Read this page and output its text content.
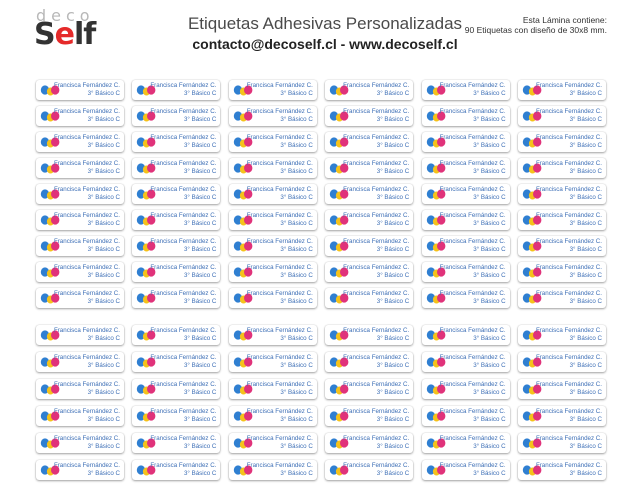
deco
Self	Etiquetas Adhesivas Personalizadas
contacto@decoself.cl - www.decoself.cl
Esta Lámina contiene:
90 Etiquetas con diseño de 30x8 mm.
Francisca Fernández C.
3° Básico C
Francisca Fernández C.
3° Básico C
Francisca Fernández C.
3° Básico C
Francisca Fernández C.
3° Básico C
Francisca Fernández C.
3° Básico C
Francisca Fernández C.
3° Básico C
Francisca Fernández C.
3° Básico C
Francisca Fernández C.
3° Básico C
Francisca Fernández C.
3° Básico C
Francisca Fernández C.
3° Básico C
Francisca Fernández C.
3° Básico C
Francisca Fernández C.
3° Básico C
Francisca Fernández C.
3° Básico C
Francisca Fernández C.
3° Básico C
Francisca Fernández C.
3° Básico C
Francisca Fernández C.
3° Básico C
Francisca Fernández C.
3° Básico C
Francisca Fernández C.
3° Básico C
Francisca Fernández C.
3° Básico C
Francisca Fernández C.
3° Básico C
Francisca Fernández C.
3° Básico C
Francisca Fernández C.
3° Básico C
Francisca Fernández C.
3° Básico C
Francisca Fernández C.
3° Básico C
Francisca Fernández C.
3° Básico C
Francisca Fernández C.
3° Básico C
Francisca Fernández C.
3° Básico C
Francisca Fernández C.
3° Básico C
Francisca Fernández C.
3° Básico C
Francisca Fernández C.
3° Básico C
Francisca Fernández C.
3° Básico C
Francisca Fernández C.
3° Básico C
Francisca Fernández C.
3° Básico C
Francisca Fernández C.
3° Básico C
Francisca Fernández C.
3° Básico C
Francisca Fernández C.
3° Básico C
Francisca Fernández C.
3° Básico C
Francisca Fernández C.
3° Básico C
Francisca Fernández C.
3° Básico C
Francisca Fernández C.
3° Básico C
Francisca Fernández C.
3° Básico C
Francisca Fernández C.
3° Básico C
Francisca Fernández C.
3° Básico C
Francisca Fernández C.
3° Básico C
Francisca Fernández C.
3° Básico C
Francisca Fernández C.
3° Básico C
Francisca Fernández C.
3° Básico C
Francisca Fernández C.
3° Básico C
Francisca Fernández C.
3° Básico C
Francisca Fernández C.
3° Básico C
Francisca Fernández C.
3° Básico C
Francisca Fernández C.
3° Básico C
Francisca Fernández C.
3° Básico C
Francisca Fernández C.
3° Básico C
Francisca Fernández C.
3° Básico C
Francisca Fernández C.
3° Básico C
Francisca Fernández C.
3° Básico C
Francisca Fernández C.
3° Básico C
Francisca Fernández C.
3° Básico C
Francisca Fernández C.
3° Básico C
Francisca Fernández C.
3° Básico C
Francisca Fernández C.
3° Básico C
Francisca Fernández C.
3° Básico C
Francisca Fernández C.
3° Básico C
Francisca Fernández C.
3° Básico C
Francisca Fernández C.
3° Básico C
Francisca Fernández C.
3° Básico C
Francisca Fernández C.
3° Básico C
Francisca Fernández C.
3° Básico C
Francisca Fernández C.
3° Básico C
Francisca Fernández C.
3° Básico C
Francisca Fernández C.
3° Básico C
Francisca Fernández C.
3° Básico C
Francisca Fernández C.
3° Básico C
Francisca Fernández C.
3° Básico C
Francisca Fernández C.
3° Básico C
Francisca Fernández C.
3° Básico C
Francisca Fernández C.
3° Básico C
Francisca Fernández C.
3° Básico C
Francisca Fernández C.
3° Básico C
Francisca Fernández C.
3° Básico C
Francisca Fernández C.
3° Básico C
Francisca Fernández C.
3° Básico C
Francisca Fernández C.
3° Básico C
Francisca Fernández C.
3° Básico C
Francisca Fernández C.
3° Básico C
Francisca Fernández C.
3° Básico C
Francisca Fernández C.
3° Básico C
Francisca Fernández C.
3° Básico C
Francisca Fernández C.
3° Básico C
